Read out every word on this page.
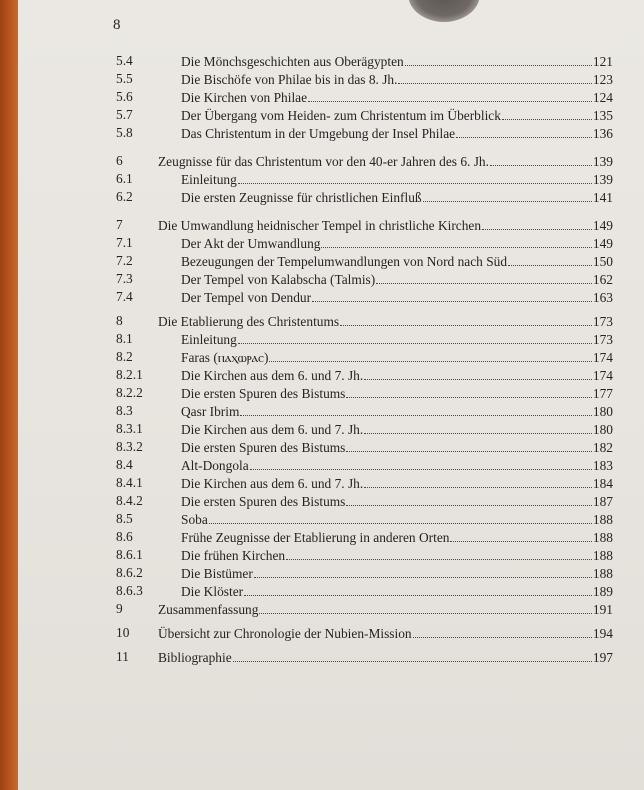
8
5.4	Die Mönchsgeschichten aus Oberägypten	121
5.5	Die Bischöfe von Philae bis in das 8. Jh.	123
5.6	Die Kirchen von Philae	124
5.7	Der Übergang vom Heiden- zum Christentum im Überblick	135
5.8	Das Christentum in der Umgebung der Insel Philae	136
6	Zeugnisse für das Christentum vor den 40-er Jahren des 6. Jh.	139
6.1	Einleitung	139
6.2	Die ersten Zeugnisse für christlichen Einfluß	141
7	Die Umwandlung heidnischer Tempel in christliche Kirchen	149
7.1	Der Akt der Umwandlung	149
7.2	Bezeugungen der Tempelumwandlungen von Nord nach Süd	150
7.3	Der Tempel von Kalabscha (Talmis)	162
7.4	Der Tempel von Dendur	163
8	Die Etablierung des Christentums	173
8.1	Einleitung	173
8.2	Faras (ⲡⲁⲭⲱⲣⲁⲥ)	174
8.2.1	Die Kirchen aus dem 6. und 7. Jh.	174
8.2.2	Die ersten Spuren des Bistums	177
8.3	Qasr Ibrim	180
8.3.1	Die Kirchen aus dem 6. und 7. Jh.	180
8.3.2	Die ersten Spuren des Bistums	182
8.4	Alt-Dongola	183
8.4.1	Die Kirchen aus dem 6. und 7. Jh.	184
8.4.2	Die ersten Spuren des Bistums	187
8.5	Soba	188
8.6	Frühe Zeugnisse der Etablierung in anderen Orten	188
8.6.1	Die frühen Kirchen	188
8.6.2	Die Bistümer	188
8.6.3	Die Klöster	189
9	Zusammenfassung	191
10 Übersicht zur Chronologie der Nubien-Mission	194
11 Bibliographie	197
